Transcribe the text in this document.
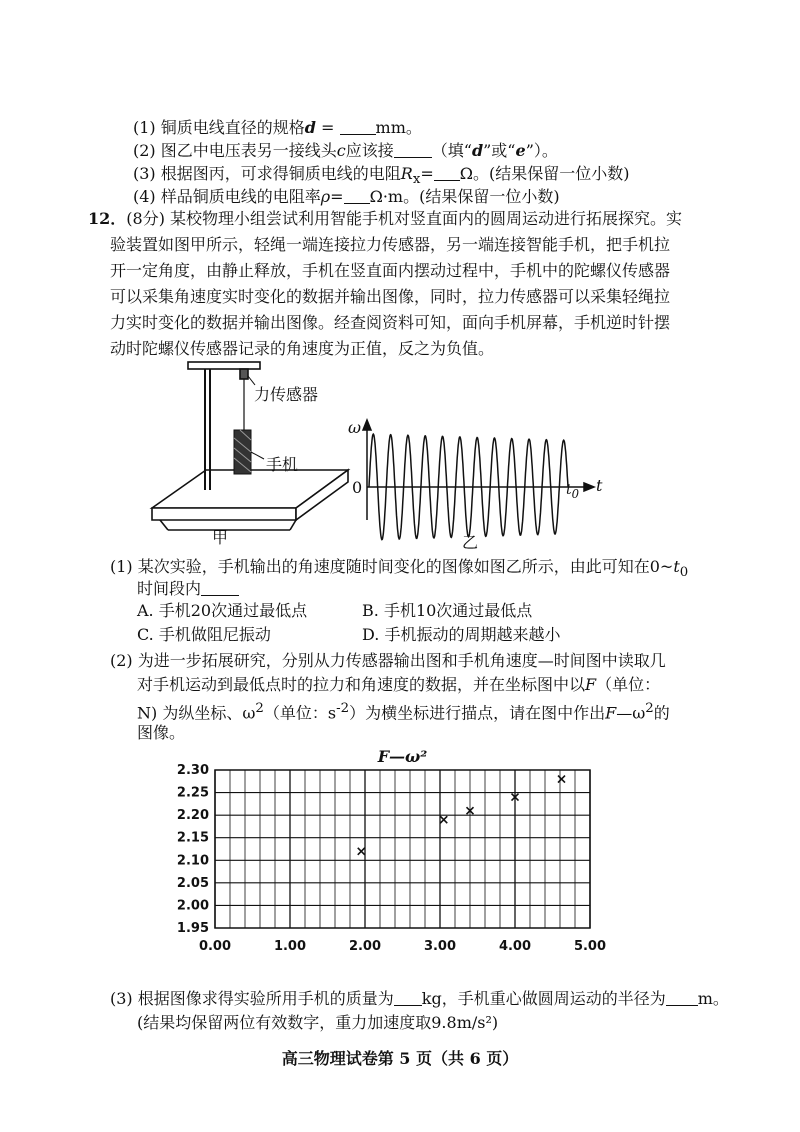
(1) 铜质电线直径的规格d = mm。
(2) 图乙中电压表另一接线头c应该接 （填“d”或“e”）。
(3) 根据图丙，可求得铜质电线的电阻$R_x= \Omega$。(结果保留一位小数)
(4) 样品铜质电线的电阻率ρ= Ω·m。(结果保留一位小数)
12．(8分) 某校物理小组尝试利用智能手机对竖直面内的圆周运动进行拓展探究。实
验装置如图甲所示，轻绳一端连接拉力传感器，另一端连接智能手机，把手机拉
开一定角度，由静止释放，手机在竖直面内摆动过程中，手机中的陀螺仪传感器
可以采集角速度实时变化的数据并输出图像，同时，拉力传感器可以采集轻绳拉
力实时变化的数据并输出图像。经查阅资料可知，面向手机屏幕，手机逆时针摆
动时陀螺仪传感器记录的角速度为正值，反之为负值。
力传感器
手机
甲
ω
0	$t_0$ t
乙
(1) 某次实验，手机输出的角速度随时间变化的图像如图乙所示，由此可知在$0\sim t_0$
时间段内
A. 手机20次通过最低点	B. 手机10次通过最低点
C. 手机做阻尼振动	D. 手机振动的周期越来越小
(2) 为进一步拓展研究，分别从力传感器输出图和手机角速度—时间图中读取几
对手机运动到最低点时的拉力和角速度的数据，并在坐标图中以F（单位：
N) 为纵坐标、$\omega^2$（单位：$s^{-2}$）为横坐标进行描点，请在图中作出$F—\omega^2$的
图像。
F—ω²
1.95
2.00
2.05
2.10
2.15
2.20
2.25
2.30
0.00	1.00	2.00	3.00	4.00	5.00
(3) 根据图像求得实验所用手机的质量为 kg，手机重心做圆周运动的半径为 m。
(结果均保留两位有效数字，重力加速度取9.8m/s²)
高三物理试卷第 5 页（共 6 页）
